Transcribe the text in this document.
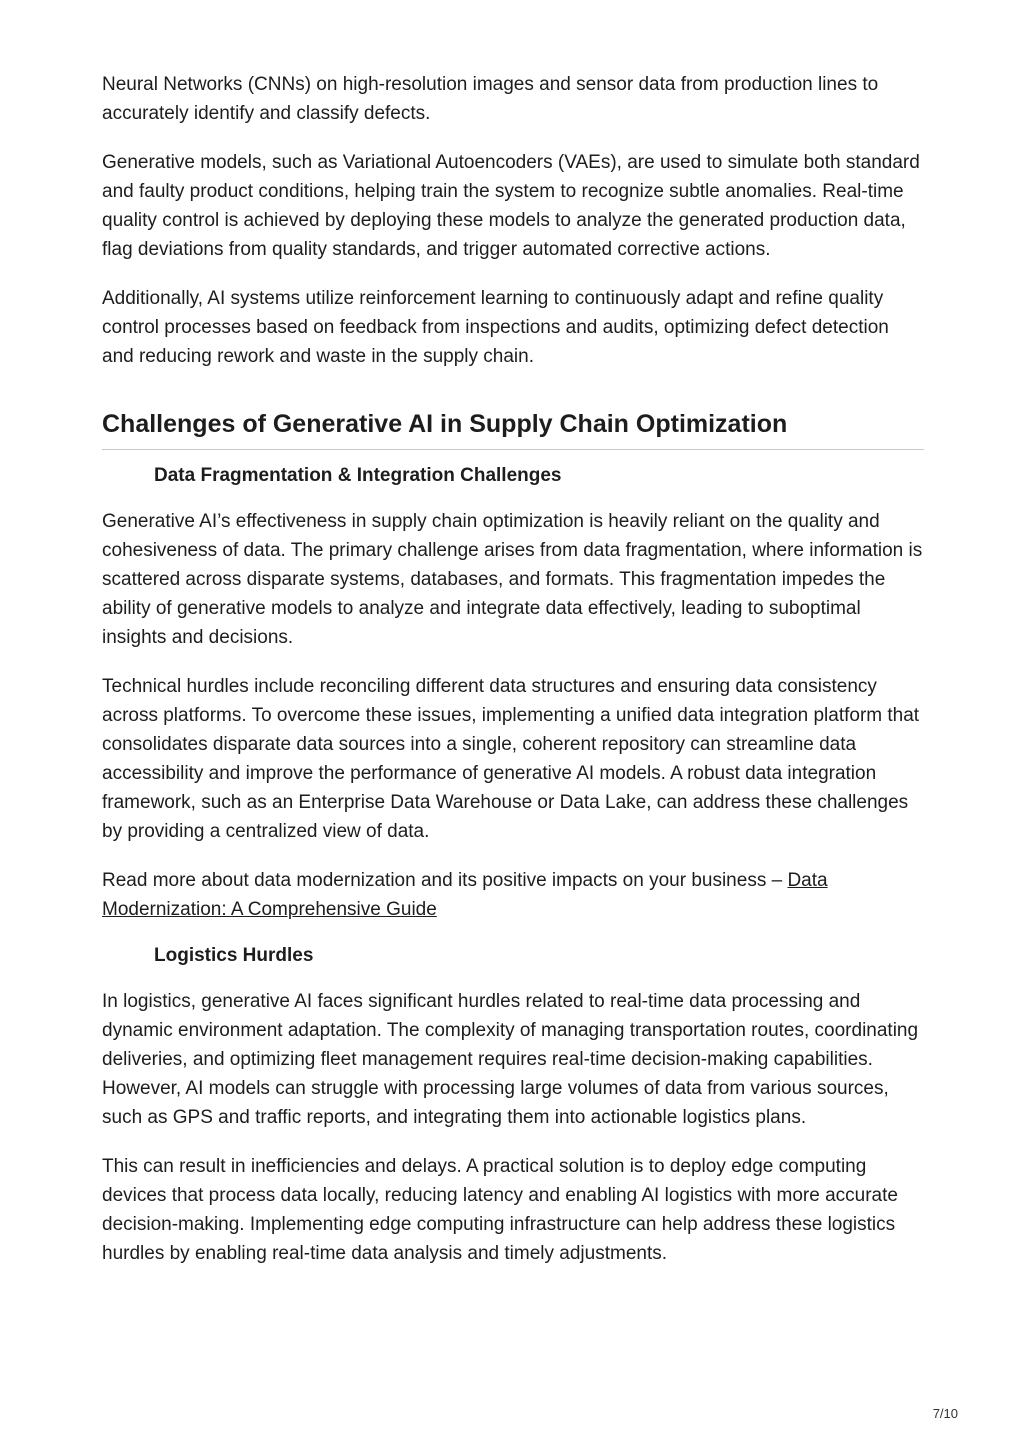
Neural Networks (CNNs) on high-resolution images and sensor data from production lines to accurately identify and classify defects.

Generative models, such as Variational Autoencoders (VAEs), are used to simulate both standard and faulty product conditions, helping train the system to recognize subtle anomalies. Real-time quality control is achieved by deploying these models to analyze the generated production data, flag deviations from quality standards, and trigger automated corrective actions.

Additionally, AI systems utilize reinforcement learning to continuously adapt and refine quality control processes based on feedback from inspections and audits, optimizing defect detection and reducing rework and waste in the supply chain.

Challenges of Generative AI in Supply Chain Optimization
Data Fragmentation & Integration Challenges

Generative AI’s effectiveness in supply chain optimization is heavily reliant on the quality and cohesiveness of data. The primary challenge arises from data fragmentation, where information is scattered across disparate systems, databases, and formats. This fragmentation impedes the ability of generative models to analyze and integrate data effectively, leading to suboptimal insights and decisions.

Technical hurdles include reconciling different data structures and ensuring data consistency across platforms. To overcome these issues, implementing a unified data integration platform that consolidates disparate data sources into a single, coherent repository can streamline data accessibility and improve the performance of generative AI models. A robust data integration framework, such as an Enterprise Data Warehouse or Data Lake, can address these challenges by providing a centralized view of data.

Read more about data modernization and its positive impacts on your business – Data Modernization: A Comprehensive Guide

Logistics Hurdles

In logistics, generative AI faces significant hurdles related to real-time data processing and dynamic environment adaptation. The complexity of managing transportation routes, coordinating deliveries, and optimizing fleet management requires real-time decision-making capabilities. However, AI models can struggle with processing large volumes of data from various sources, such as GPS and traffic reports, and integrating them into actionable logistics plans.

This can result in inefficiencies and delays. A practical solution is to deploy edge computing devices that process data locally, reducing latency and enabling AI logistics with more accurate decision-making. Implementing edge computing infrastructure can help address these logistics hurdles by enabling real-time data analysis and timely adjustments.

7/10
